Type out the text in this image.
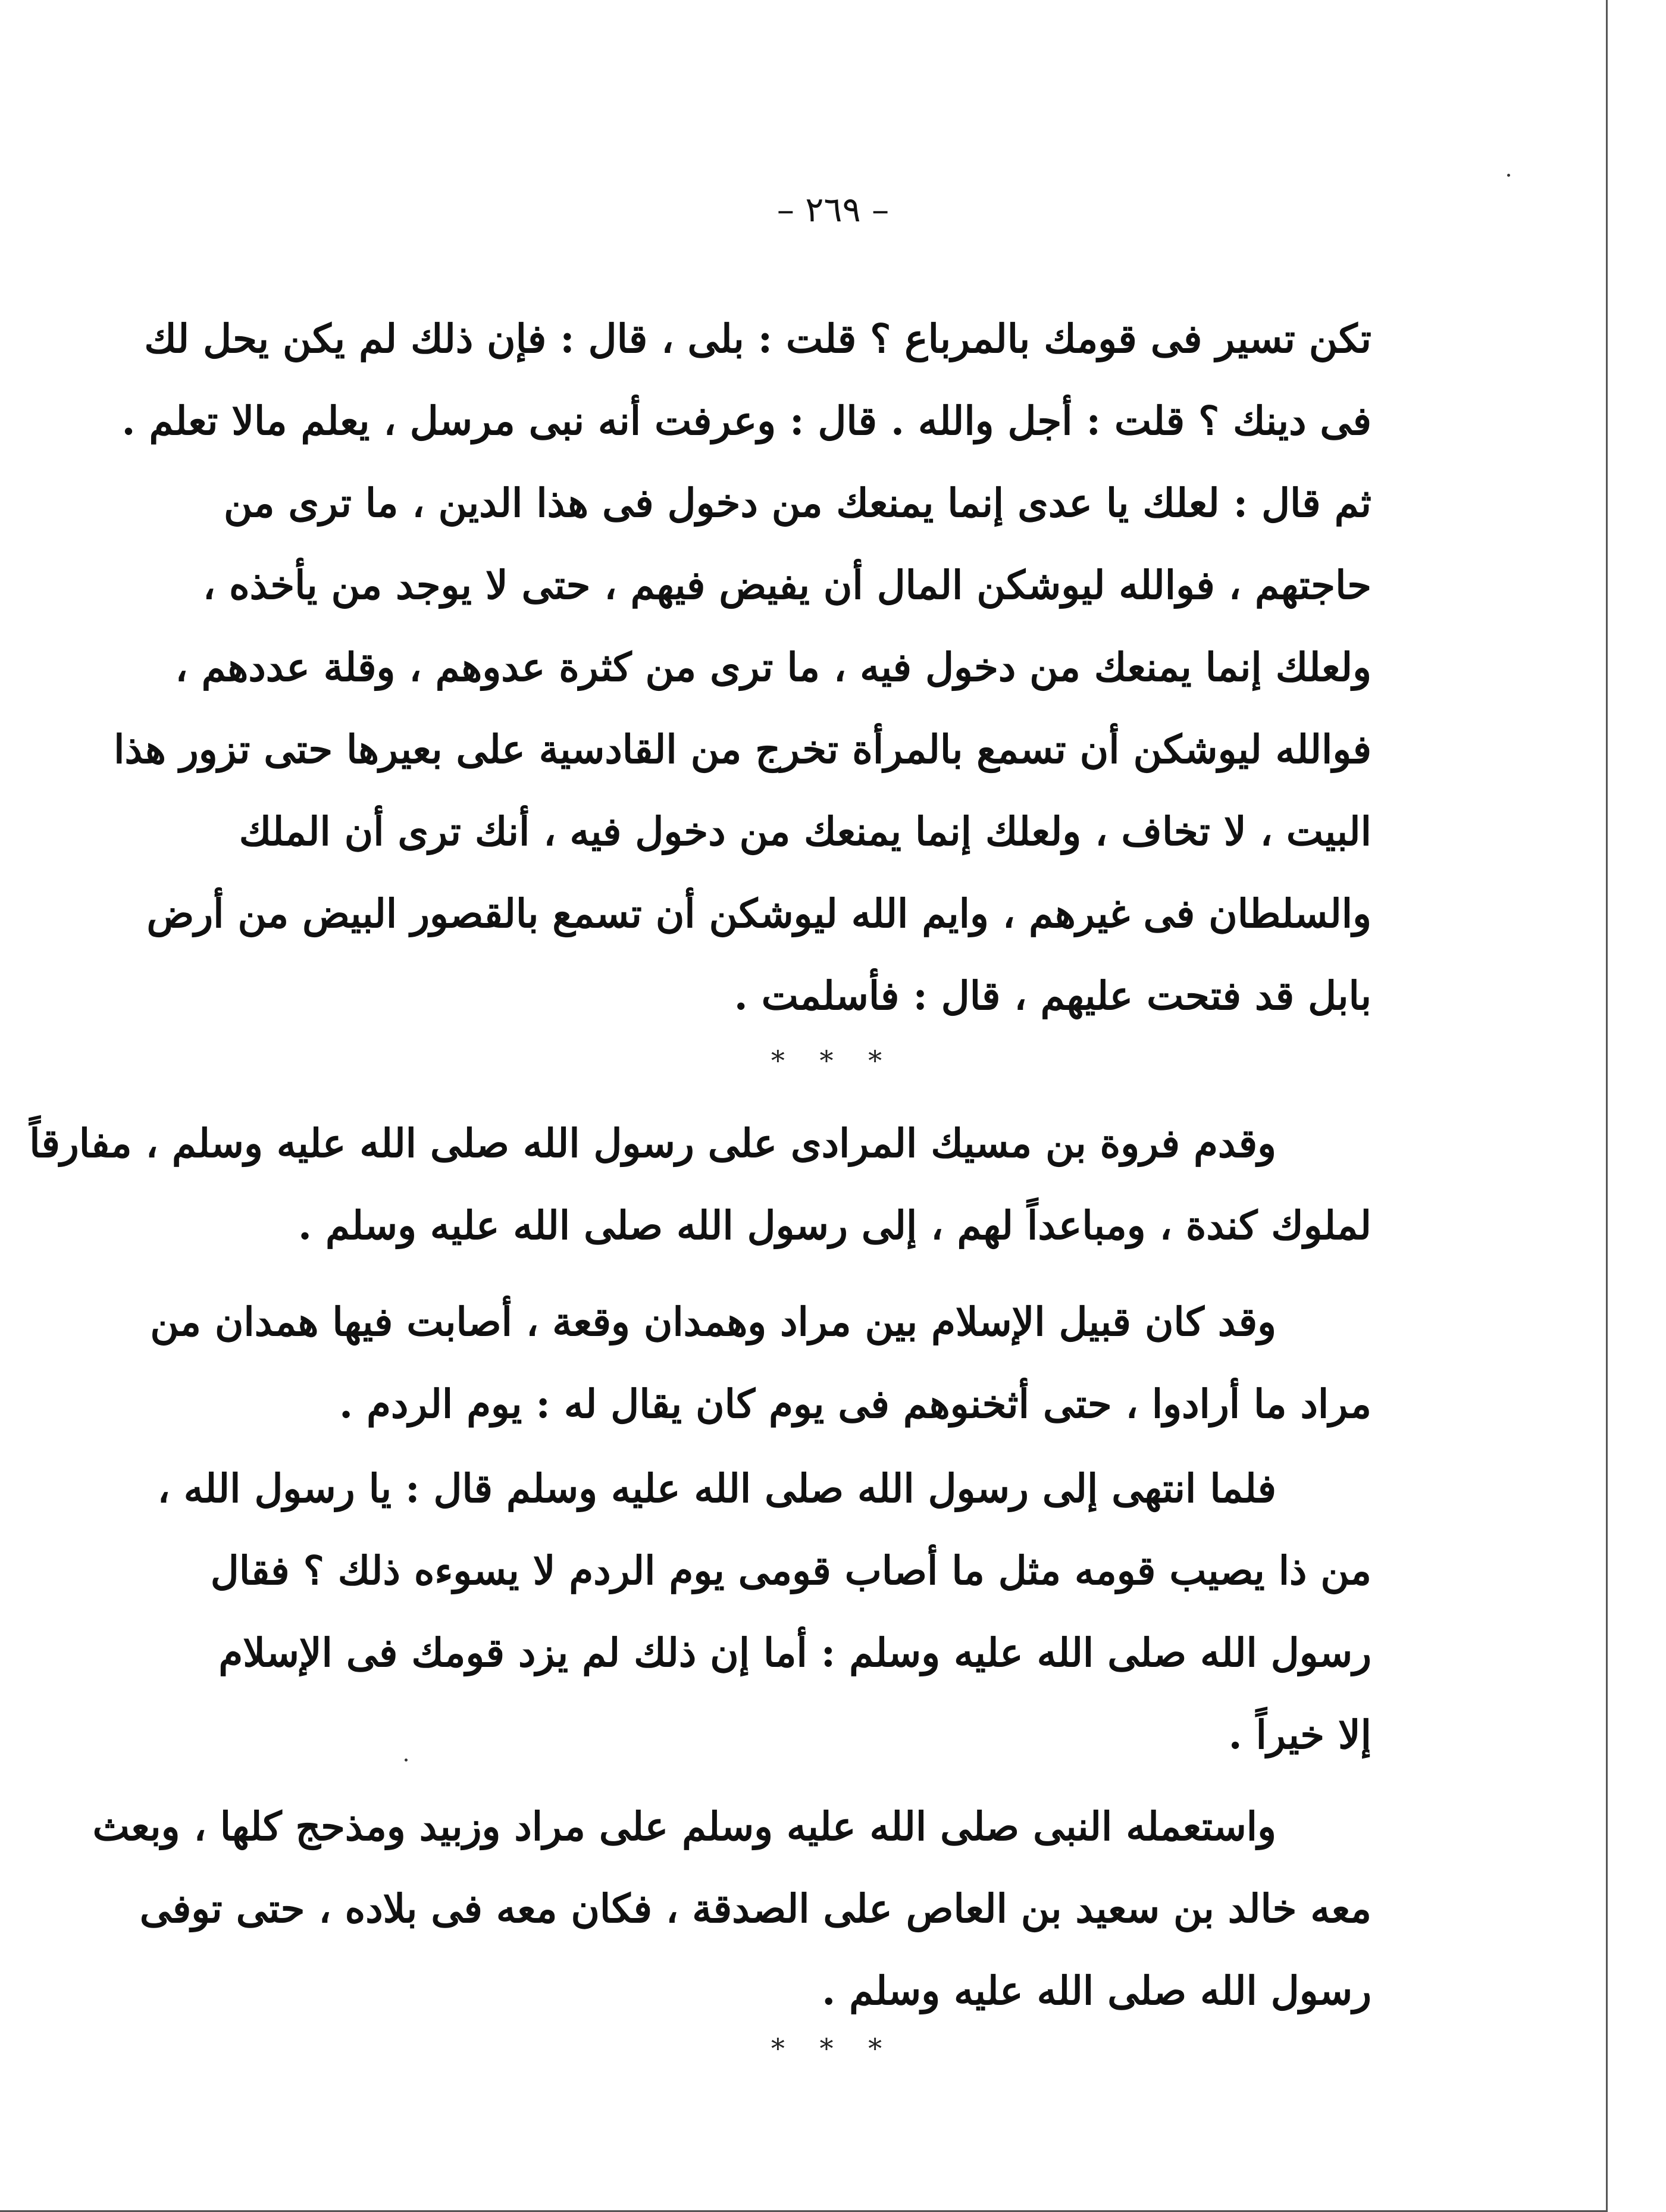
– ٢٦٩ –
تكن تسير فى قومك بالمرباع ؟ قلت : بلى ، قال : فإن ذلك لم يكن يحل لك
فى دينك ؟ قلت : أجل والله . قال : وعرفت أنه نبى مرسل ، يعلم مالا تعلم .
ثم قال : لعلك يا عدى إنما يمنعك من دخول فى هذا الدين ، ما ترى من
حاجتهم ، فوالله ليوشكن المال أن يفيض فيهم ، حتى لا يوجد من يأخذه ،
ولعلك إنما يمنعك من دخول فيه ، ما ترى من كثرة عدوهم ، وقلة عددهم ،
فوالله ليوشكن أن تسمع بالمرأة تخرج من القادسية على بعيرها حتى تزور هذا
البيت ، لا تخاف ، ولعلك إنما يمنعك من دخول فيه ، أنك ترى أن الملك
والسلطان فى غيرهم ، وايم الله ليوشكن أن تسمع بالقصور البيض من أرض
بابل قد فتحت عليهم ، قال : فأسلمت .
* * *
وقدم فروة بن مسيك المرادى على رسول الله صلى الله عليه وسلم ، مفارقاً
لملوك كندة ، ومباعداً لهم ، إلى رسول الله صلى الله عليه وسلم .
وقد كان قبيل الإسلام بين مراد وهمدان وقعة ، أصابت فيها همدان من
مراد ما أرادوا ، حتى أثخنوهم فى يوم كان يقال له : يوم الردم .
فلما انتهى إلى رسول الله صلى الله عليه وسلم قال : يا رسول الله ،
من ذا يصيب قومه مثل ما أصاب قومى يوم الردم لا يسوءه ذلك ؟ فقال
رسول الله صلى الله عليه وسلم : أما إن ذلك لم يزد قومك فى الإسلام
إلا خيراً .
واستعمله النبى صلى الله عليه وسلم على مراد وزبيد ومذحج كلها ، وبعث
معه خالد بن سعيد بن العاص على الصدقة ، فكان معه فى بلاده ، حتى توفى
رسول الله صلى الله عليه وسلم .
* * *
